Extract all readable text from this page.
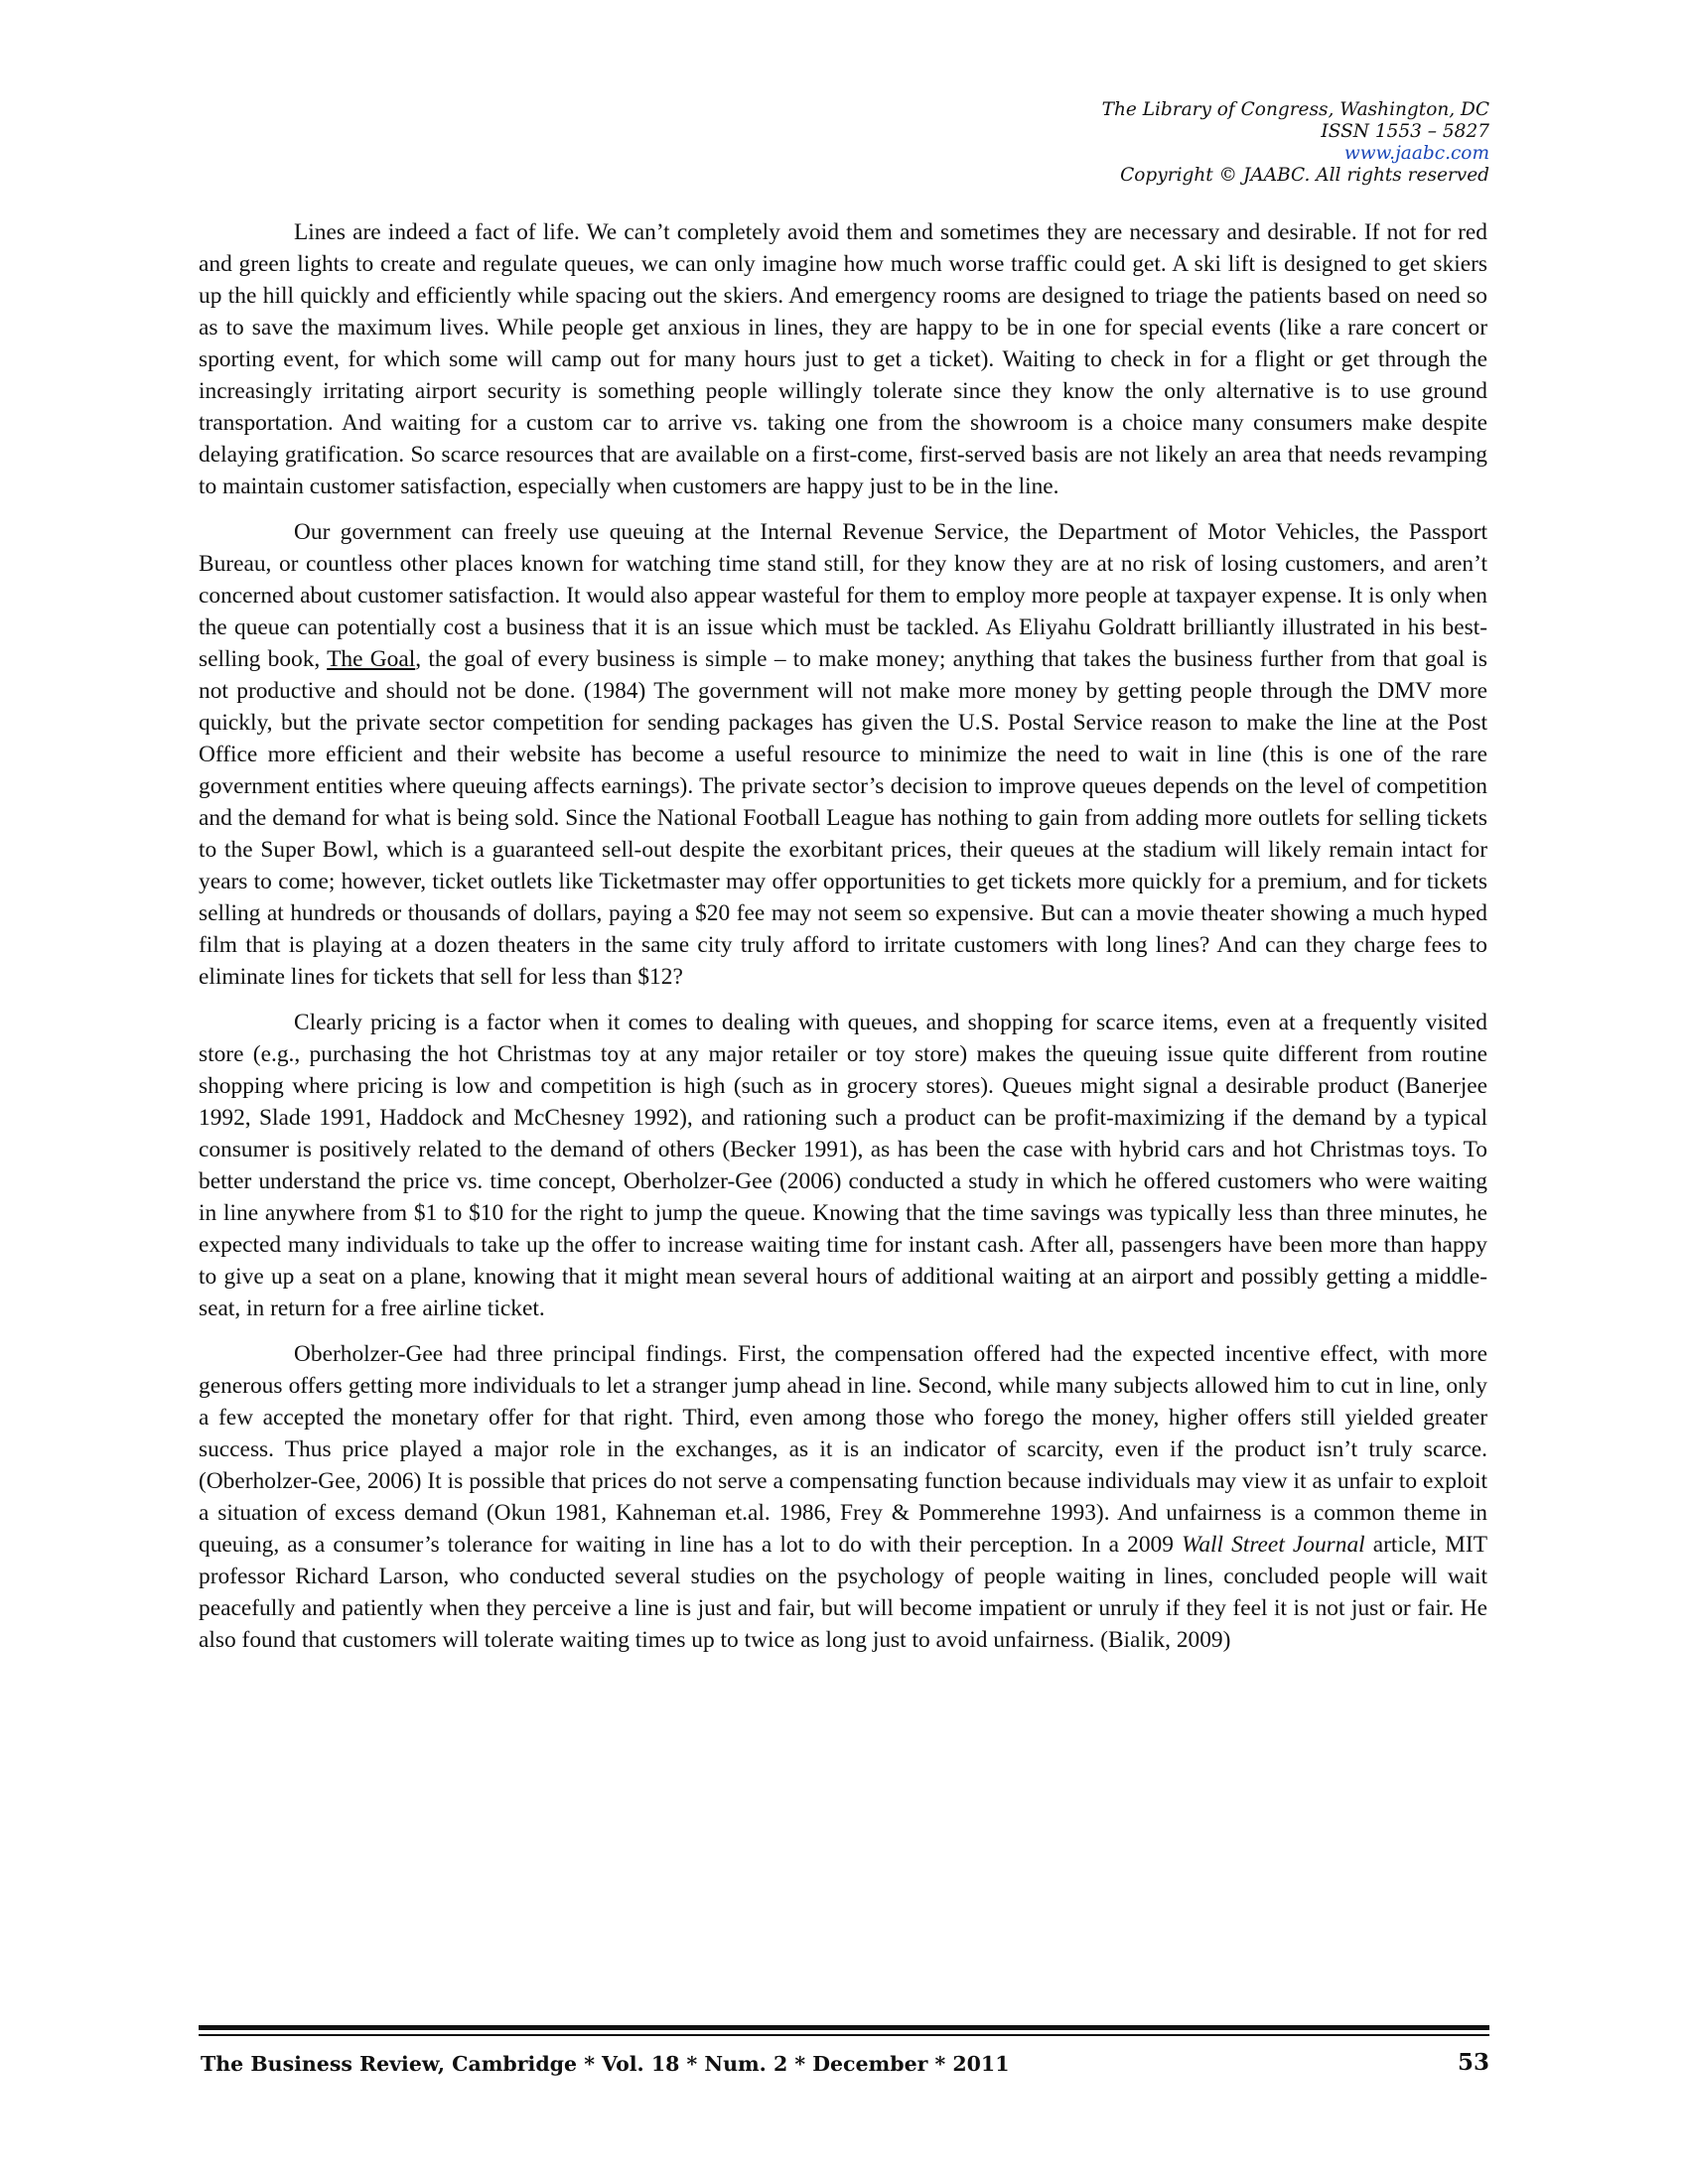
The Library of Congress, Washington, DC
ISSN 1553 – 5827
www.jaabc.com
Copyright © JAABC. All rights reserved

Lines are indeed a fact of life. We can’t completely avoid them and sometimes they are necessary and desirable. If not for red and green lights to create and regulate queues, we can only imagine how much worse traffic could get. A ski lift is designed to get skiers up the hill quickly and efficiently while spacing out the skiers. And emergency rooms are designed to triage the patients based on need so as to save the maximum lives. While people get anxious in lines, they are happy to be in one for special events (like a rare concert or sporting event, for which some will camp out for many hours just to get a ticket). Waiting to check in for a flight or get through the increasingly irritating airport security is something people willingly tolerate since they know the only alternative is to use ground transportation. And waiting for a custom car to arrive vs. taking one from the showroom is a choice many consumers make despite delaying gratification. So scarce resources that are available on a first-come, first-served basis are not likely an area that needs revamping to maintain customer satisfaction, especially when customers are happy just to be in the line.

Our government can freely use queuing at the Internal Revenue Service, the Department of Motor Vehicles, the Passport Bureau, or countless other places known for watching time stand still, for they know they are at no risk of losing customers, and aren’t concerned about customer satisfaction. It would also appear wasteful for them to employ more people at taxpayer expense. It is only when the queue can potentially cost a business that it is an issue which must be tackled. As Eliyahu Goldratt brilliantly illustrated in his best-selling book, The Goal, the goal of every business is simple – to make money; anything that takes the business further from that goal is not productive and should not be done. (1984) The government will not make more money by getting people through the DMV more quickly, but the private sector competition for sending packages has given the U.S. Postal Service reason to make the line at the Post Office more efficient and their website has become a useful resource to minimize the need to wait in line (this is one of the rare government entities where queuing affects earnings). The private sector’s decision to improve queues depends on the level of competition and the demand for what is being sold. Since the National Football League has nothing to gain from adding more outlets for selling tickets to the Super Bowl, which is a guaranteed sell-out despite the exorbitant prices, their queues at the stadium will likely remain intact for years to come; however, ticket outlets like Ticketmaster may offer opportunities to get tickets more quickly for a premium, and for tickets selling at hundreds or thousands of dollars, paying a $20 fee may not seem so expensive. But can a movie theater showing a much hyped film that is playing at a dozen theaters in the same city truly afford to irritate customers with long lines? And can they charge fees to eliminate lines for tickets that sell for less than $12?

Clearly pricing is a factor when it comes to dealing with queues, and shopping for scarce items, even at a frequently visited store (e.g., purchasing the hot Christmas toy at any major retailer or toy store) makes the queuing issue quite different from routine shopping where pricing is low and competition is high (such as in grocery stores). Queues might signal a desirable product (Banerjee 1992, Slade 1991, Haddock and McChesney 1992), and rationing such a product can be profit-maximizing if the demand by a typical consumer is positively related to the demand of others (Becker 1991), as has been the case with hybrid cars and hot Christmas toys. To better understand the price vs. time concept, Oberholzer-Gee (2006) conducted a study in which he offered customers who were waiting in line anywhere from $1 to $10 for the right to jump the queue. Knowing that the time savings was typically less than three minutes, he expected many individuals to take up the offer to increase waiting time for instant cash. After all, passengers have been more than happy to give up a seat on a plane, knowing that it might mean several hours of additional waiting at an airport and possibly getting a middle-seat, in return for a free airline ticket.

Oberholzer-Gee had three principal findings. First, the compensation offered had the expected incentive effect, with more generous offers getting more individuals to let a stranger jump ahead in line. Second, while many subjects allowed him to cut in line, only a few accepted the monetary offer for that right. Third, even among those who forego the money, higher offers still yielded greater success. Thus price played a major role in the exchanges, as it is an indicator of scarcity, even if the product isn’t truly scarce. (Oberholzer-Gee, 2006) It is possible that prices do not serve a compensating function because individuals may view it as unfair to exploit a situation of excess demand (Okun 1981, Kahneman et.al. 1986, Frey & Pommerehne 1993). And unfairness is a common theme in queuing, as a consumer’s tolerance for waiting in line has a lot to do with their perception. In a 2009 Wall Street Journal article, MIT professor Richard Larson, who conducted several studies on the psychology of people waiting in lines, concluded people will wait peacefully and patiently when they perceive a line is just and fair, but will become impatient or unruly if they feel it is not just or fair. He also found that customers will tolerate waiting times up to twice as long just to avoid unfairness. (Bialik, 2009)

The Business Review, Cambridge * Vol. 18 * Num. 2 * December * 2011	53
